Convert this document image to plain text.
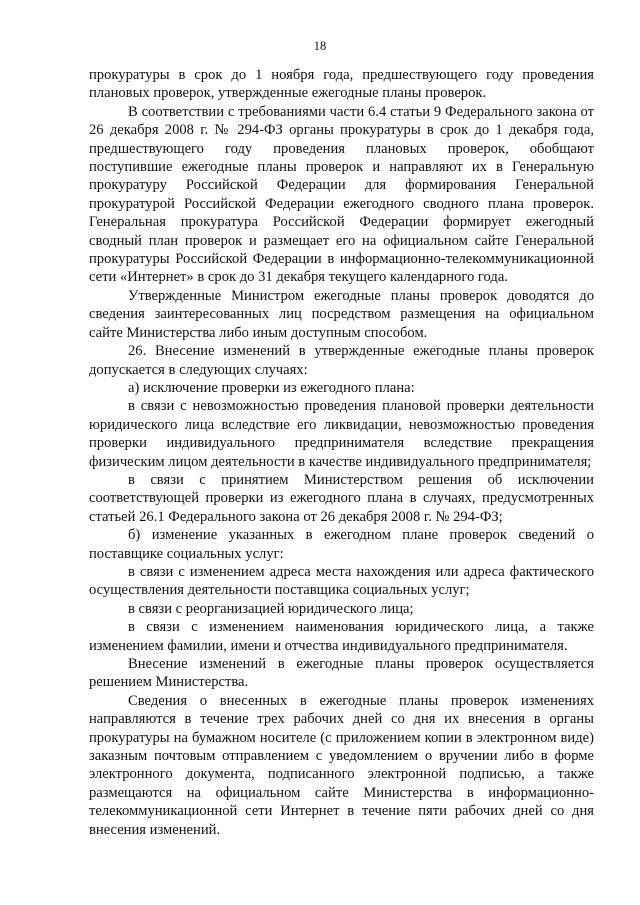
18

прокуратуры в срок до 1 ноября года, предшествующего году проведения плановых проверок, утвержденные ежегодные планы проверок.

В соответствии с требованиями части 6.4 статьи 9 Федерального закона от 26 декабря 2008 г. № 294-ФЗ органы прокуратуры в срок до 1 декабря года, предшествующего году проведения плановых проверок, обобщают поступившие ежегодные планы проверок и направляют их в Генеральную прокуратуру Российской Федерации для формирования Генеральной прокуратурой Российской Федерации ежегодного сводного плана проверок. Генеральная прокуратура Российской Федерации формирует ежегодный сводный план проверок и размещает его на официальном сайте Генеральной прокуратуры Российской Федерации в информационно-телекоммуникационной сети «Интернет» в срок до 31 декабря текущего календарного года.

Утвержденные Министром ежегодные планы проверок доводятся до сведения заинтересованных лиц посредством размещения на официальном сайте Министерства либо иным доступным способом.

26. Внесение изменений в утвержденные ежегодные планы проверок допускается в следующих случаях:

а) исключение проверки из ежегодного плана:

в связи с невозможностью проведения плановой проверки деятельности юридического лица вследствие его ликвидации, невозможностью проведения проверки индивидуального предпринимателя вследствие прекращения физическим лицом деятельности в качестве индивидуального предпринимателя;

в связи с принятием Министерством решения об исключении соответствующей проверки из ежегодного плана в случаях, предусмотренных статьей 26.1 Федерального закона от 26 декабря 2008 г. № 294-ФЗ;

б) изменение указанных в ежегодном плане проверок сведений о поставщике социальных услуг:

в связи с изменением адреса места нахождения или адреса фактического осуществления деятельности поставщика социальных услуг;

в связи с реорганизацией юридического лица;

в связи с изменением наименования юридического лица, а также изменением фамилии, имени и отчества индивидуального предпринимателя.

Внесение изменений в ежегодные планы проверок осуществляется решением Министерства.

Сведения о внесенных в ежегодные планы проверок изменениях направляются в течение трех рабочих дней со дня их внесения в органы прокуратуры на бумажном носителе (с приложением копии в электронном виде) заказным почтовым отправлением с уведомлением о вручении либо в форме электронного документа, подписанного электронной подписью, а также размещаются на официальном сайте Министерства в информационно-телекоммуникационной сети Интернет в течение пяти рабочих дней со дня внесения изменений.
